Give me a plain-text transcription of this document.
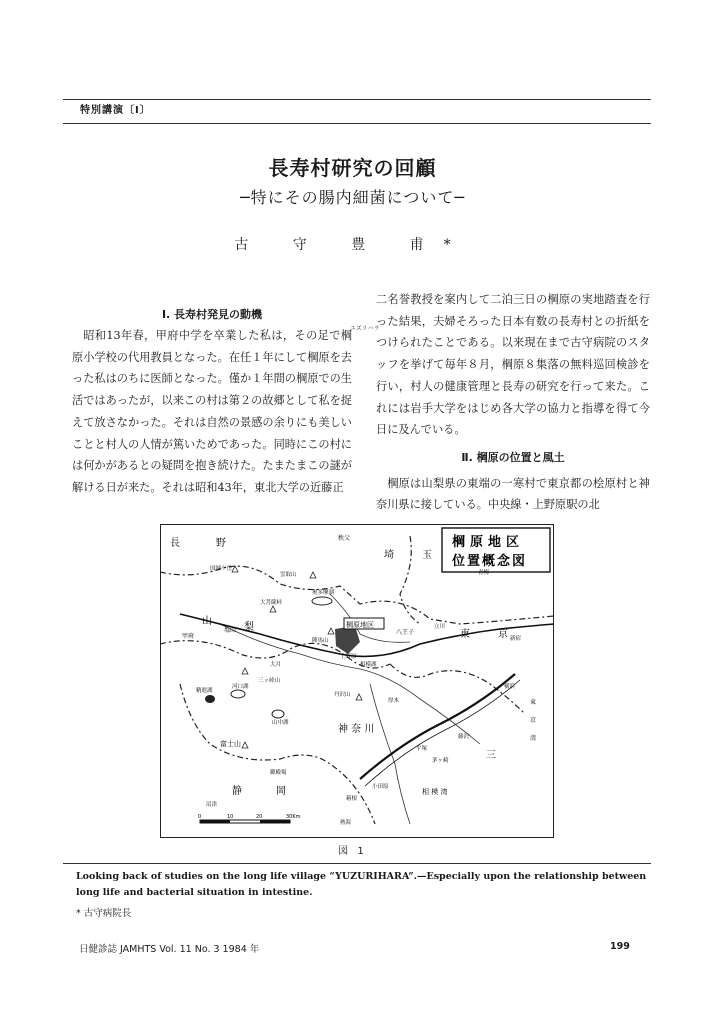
特別講演〔Ⅰ〕
長寿村研究の回顧
─特にその腸内細菌について─
古 守 豊 甫*
Ⅰ. 長寿村発見の動機
昭和13年春，甲府中学を卒業した私は，その足で	ユズリハラ
棡原小学校の代用教員となった。在任１年にして棡原を去った私はのちに医師となった。僅か１年間の棡原での生活ではあったが，以来この村は第２の故郷として私を捉えて放さなかった。それは自然の景感の余りにも美しいことと村人の人情が篤いためであった。同時にこの村には何かがあるとの疑問を抱き続けた。たまたまこの謎が解ける日が来た。それは昭和43年，東北大学の近藤正
二名誉教授を案内して二泊三日の棡原の実地踏査を行った結果，夫婦そろった日本有数の長寿村との折紙をつけられたことである。以来現在まで古守病院のスタッフを挙げて毎年８月，棡原８集落の無料巡回検診を行い，村人の健康管理と長寿の研究を行って来た。これには岩手大学をはじめ各大学の協力と指導を得て今日に及んでいる。
Ⅱ. 棡原の位置と風土
棡原は山梨県の東端の一寒村で東京都の桧原村と神奈川県に接している。中央線・上野原駅の北
棡原地区
棡原地区
位置概念図
長	野	秩父
埼	玉
国師ケ岳
山
梨
甲府
塩山
大菩薩峠
雲取山
奥多摩湖
陣馬山
八王子	東	京
青梅
立川
新宿
相模湖
上野原
大月
三ッ峠山
河口湖
山中湖
精進湖
富士山
丹沢山
神 奈 川
御殿場
静	岡
沼津
小田原
箱根
熱海
横浜
東
京
湾
相 模 湾
三
平塚
藤沢
厚木
茅ヶ崎
0	10	20	30Km
図 1
Looking back of studies on the long life village “YUZURIHARA”.—Especially upon the relationship between long life and bacterial situation in intestine.
* 古守病院長
日健診誌 JAMHTS Vol. 11 No. 3 1984 年	199
